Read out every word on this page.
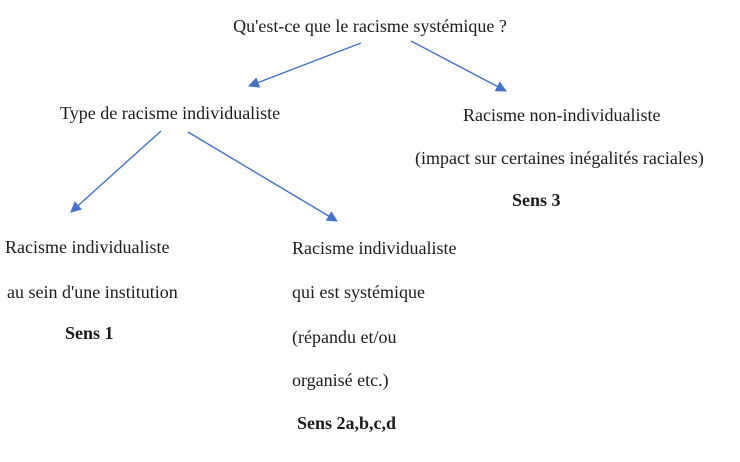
Qu'est-ce que le racisme systémique ?
Type de racisme individualiste	Racisme non-individualiste
(impact sur certaines inégalités raciales)
Sens 3
Racisme individualiste
au sein d'une institution
Sens 1
Racisme individualiste
qui est systémique
(répandu et/ou
organisé etc.)
Sens 2a,b,c,d
